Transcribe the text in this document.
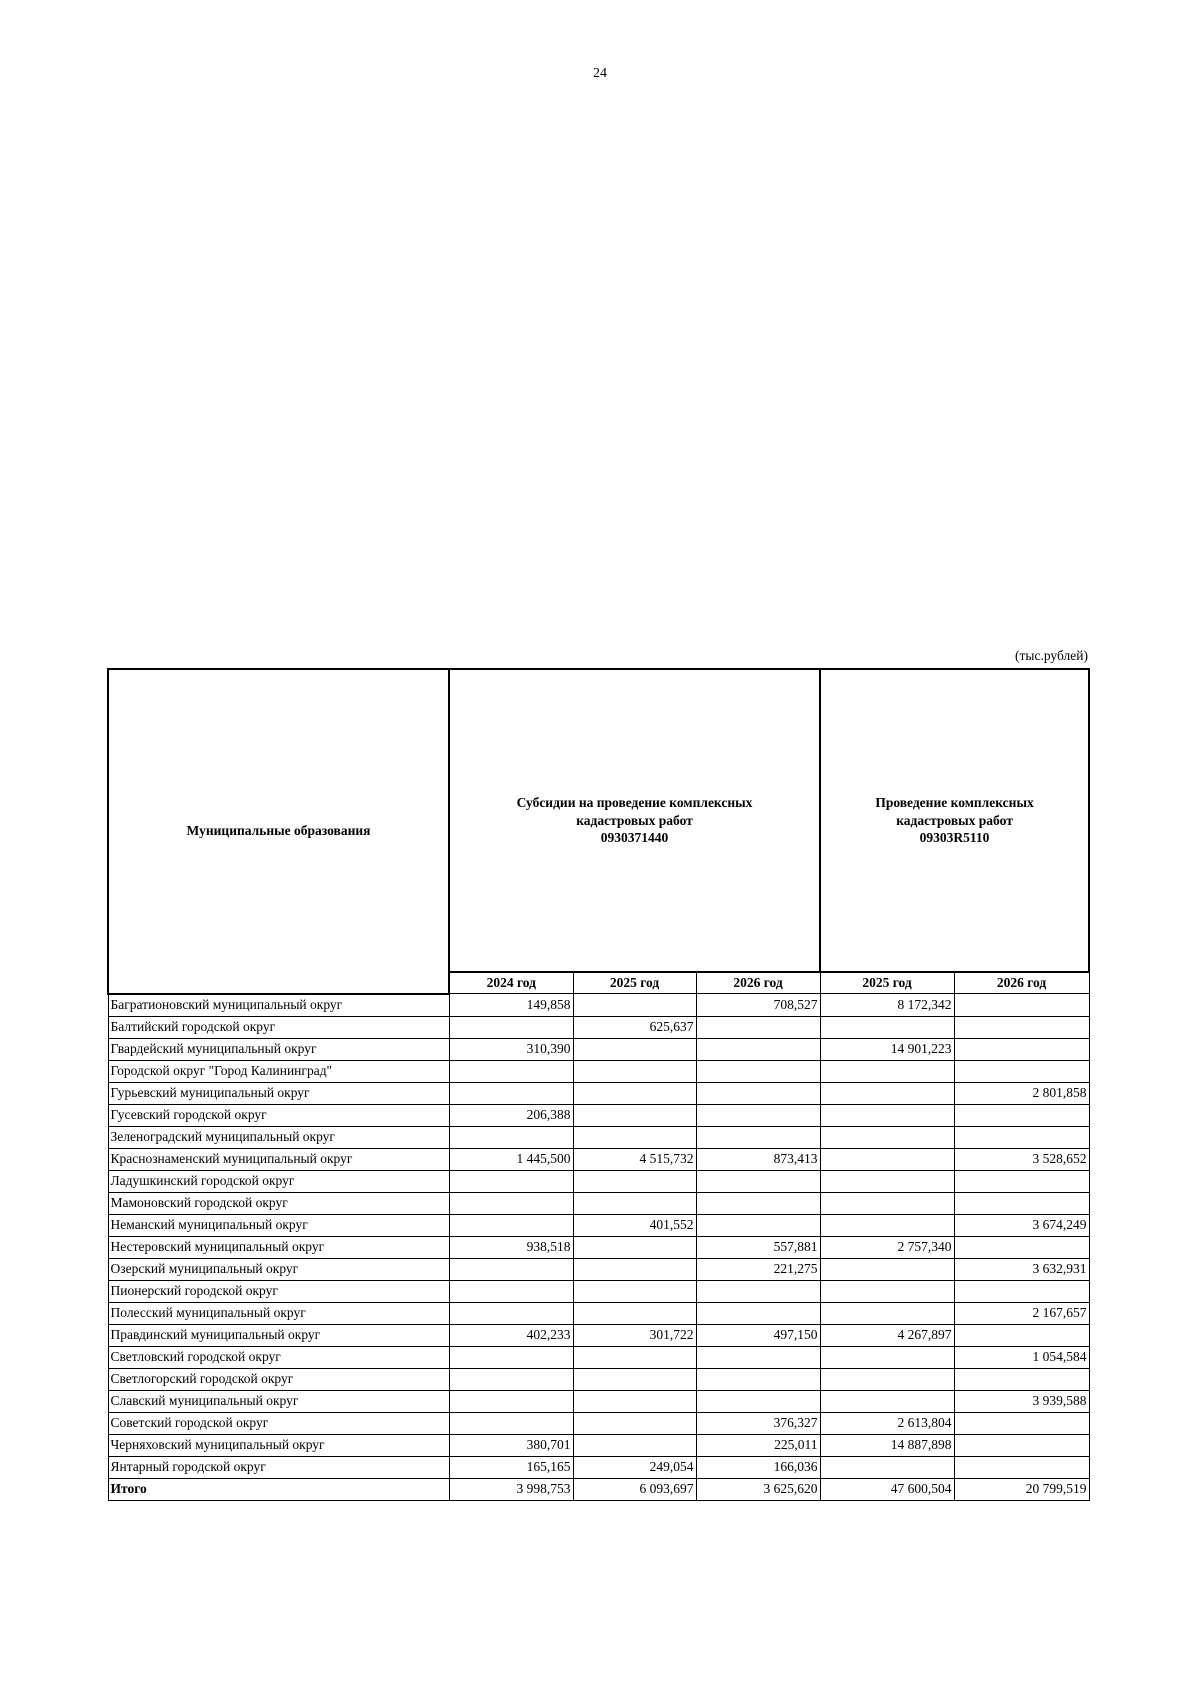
24
(тыс.рублей)
Муниципальные образования	Субсидии на проведение комплексных
кадастровых работ
0930371440			Проведение комплексных
кадастровых работ
09303R5110	

	2024 год	2025 год	2026 год	2025 год	2026 год
Багратионовский муниципальный округ	149,858		708,527	8 172,342	
Балтийский городской округ		625,637			
Гвардейский муниципальный округ	310,390			14 901,223	
Городской округ "Город Калининград"					
Гурьевский муниципальный округ					2 801,858
Гусевский городской округ	206,388				
Зеленоградский муниципальный округ					
Краснознаменский муниципальный округ	1 445,500	4 515,732	873,413		3 528,652
Ладушкинский городской округ					
Мамоновский городской округ					
Неманский муниципальный округ		401,552			3 674,249
Нестеровский муниципальный округ	938,518		557,881	2 757,340	
Озерский муниципальный округ			221,275		3 632,931
Пионерский городской округ					
Полесский муниципальный округ					2 167,657
Правдинский муниципальный округ	402,233	301,722	497,150	4 267,897	
Светловский городской округ					1 054,584
Светлогорский городской округ					
Славский муниципальный округ					3 939,588
Советский городской округ			376,327	2 613,804	
Черняховский муниципальный округ	380,701		225,011	14 887,898	
Янтарный городской округ	165,165	249,054	166,036		
Итого	3 998,753	6 093,697	3 625,620	47 600,504	20 799,519
